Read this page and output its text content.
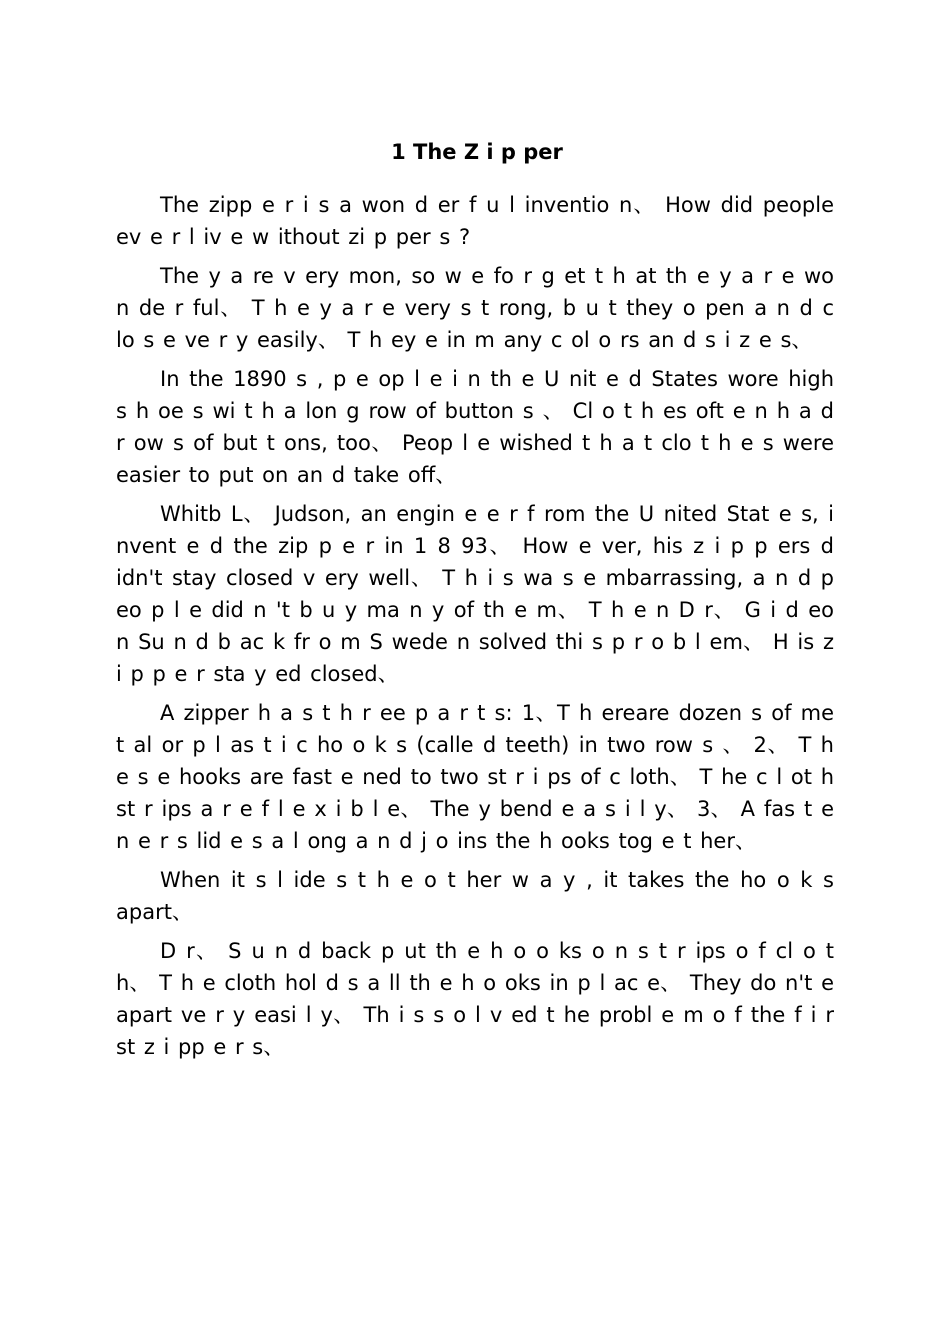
1 The Z i p per

The zipp e r i s a won d er f u l inventio n、 How did people ev e r l iv e w ithout zi p per s ?

The y a re v ery mon, so w e fo r g et t h at th e y a r e wo n de r ful、 T h e y a r e very s t rong, b u t they o pen a n d c lo s e ve r y easily、 T h ey e in m any c ol o rs an d s i z e s、

In the 1890 s , p e op l e i n th e U nit e d States wore high s h oe s wi t h a lon g row of button s 、 Cl o t h es oft e n h a d r ow s of but t ons, too、 Peop l e wished t h a t clo t h e s were easier to put on an d take off、

Whitb L、 Judson, an engin e e r f rom the U nited Stat e s, i nvent e d the zip p e r in 1 8 93、 How e ver, his z i p p ers d idn't stay closed v ery well、 T h i s wa s e mbarrassing, a n d p eo p l e did n 't b u y ma n y of th e m、 T h e n D r、 G i d eo n Su n d b ac k fr o m S wede n solved thi s p r o b l em、 H is z i p p e r sta y ed closed、

A zipper h a s t h r ee p a r t s: 1、T h ereare dozen s of me t al or p l as t i c ho o k s (calle d teeth) in two row s 、 2、 T h e s e hooks are fast e ned to two st r i ps of c loth、 T he c l ot h st r ips a r e f l e x i b l e、 The y bend e a s i l y、 3、 A fas t e n e r s lid e s a l ong a n d j o ins the h ooks tog e t her、

When it s l ide s t h e o t her w a y , it takes the ho o k s apart、

D r、 S u n d back p ut th e h o o ks o n s t r ips o f cl o t h、 T h e cloth hol d s a ll th e h o oks in p l ac e、 They do n't e apart ve r y easi l y、 Th i s s o l v ed t he probl e m o f the f i r st z i pp e r s、
